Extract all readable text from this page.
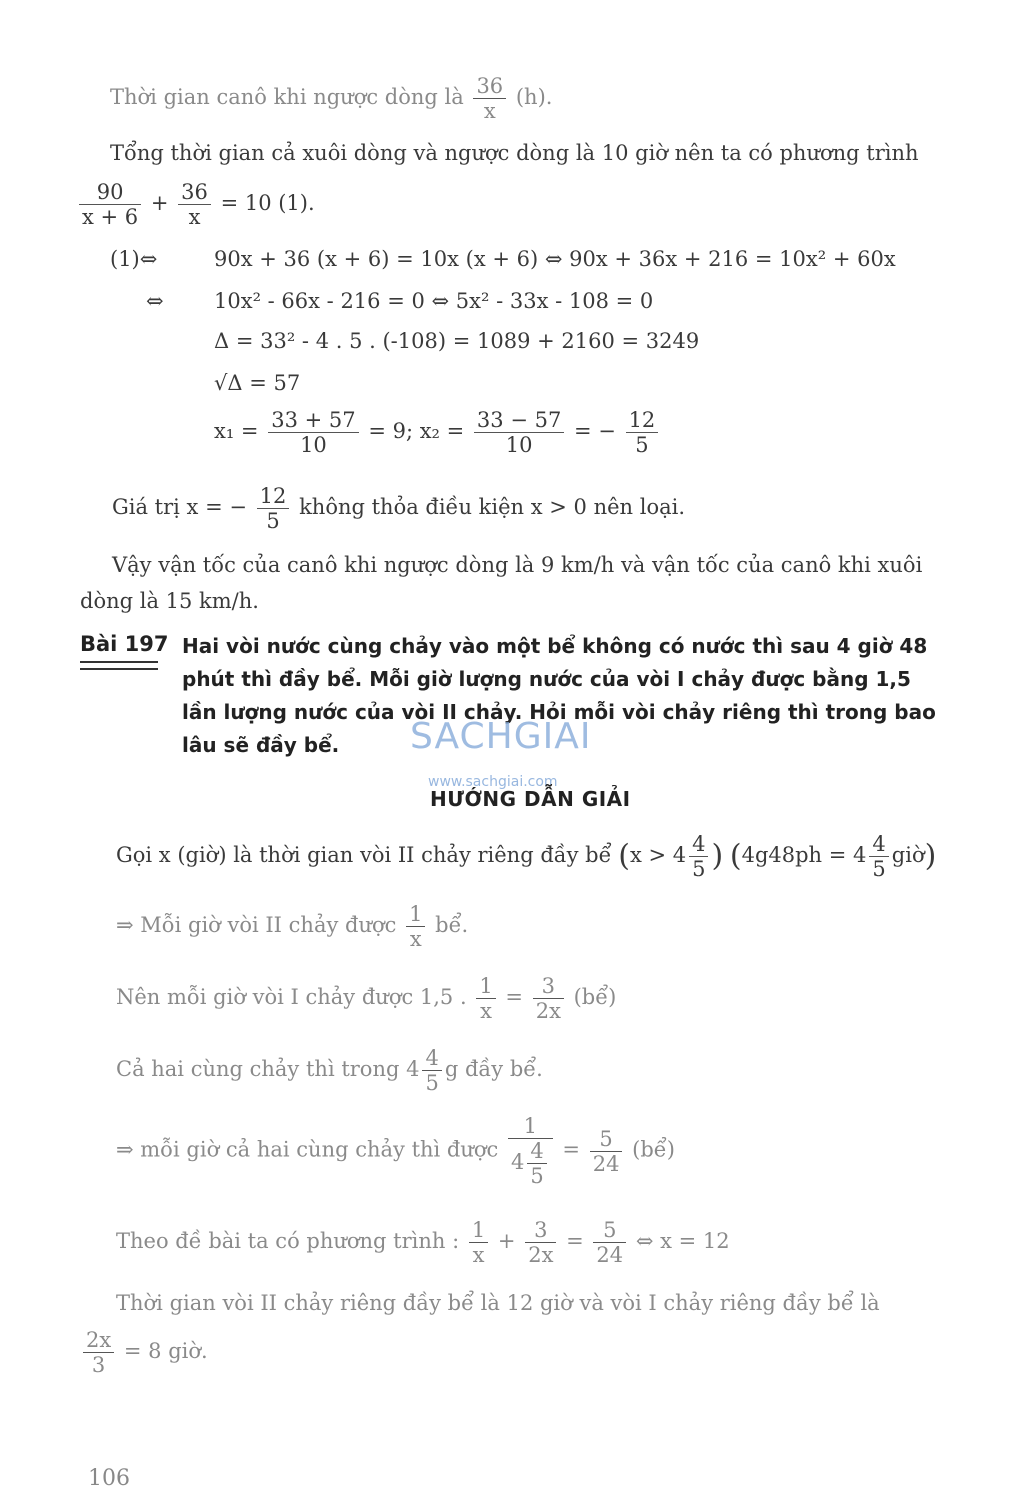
Thời gian canô khi ngược dòng là $\frac{36}{x} (h)$.
Tổng thời gian cả xuôi dòng và ngược dòng là 10 giờ nên ta có phương trình
$\frac{90}{x + 6} + \frac{36}{x} = 10$ (1).
(1)⇔	90x + 36 (x + 6) = 10x (x + 6) ⇔ 90x + 36x + 216 = 10x² + 60x
⇔ 10x² - 66x - 216 = 0 ⇔ 5x² - 33x - 108 = 0
Δ = 33² - 4 . 5 . (-108) = 1089 + 2160 = 3249
√Δ = 57
$x_1 = \frac{33 + 57}{10} = 9$; $x_2 = \frac{33 - 57}{10}$ = − $\frac{12}{5}$
Giá trị x = − $\frac{12}{5}$ không thỏa điều kiện x > 0 nên loại.
Vậy vận tốc của canô khi ngược dòng là 9 km/h và vận tốc của canô khi xuôi
dòng là 15 km/h.
Bài 197 Hai vòi nước cùng chảy vào một bể không có nước thì sau 4 giờ 48
phút thì đầy bể. Mỗi giờ lượng nước của vòi I chảy được bằng 1,5
lần lượng nước của vòi II chảy. Hỏi mỗi vòi chảy riêng thì trong bao
lâu sẽ đầy bể. SACHGIAI
www.sachgiai.com
HƯỚNG DẪN GIẢI
Gọi x (giờ) là thời gian vòi II chảy riêng đầy bể ($x > 4 \frac{4}{5}$ ) ($4g48ph = 4 \frac{4}{5}$ giờ)
⇒ Mỗi giờ vòi II chảy được $\frac{1}{x}$ bể.
Nên mỗi giờ vòi I chảy được 1,5 . $\frac{1}{x} = \frac{3}{2x}$ (bể)
Cả hai cùng chảy thì trong $4 \frac{4}{5}$ g đầy bể.
⇒ mỗi giờ cả hai cùng chảy thì được $\frac{1}{4 \frac{4}{5}} = \frac{5}{24}$ (bể)
Theo đề bài ta có phương trình : $\frac{1}{x} + \frac{3}{2x} = \frac{5}{24}$ ⇔ x = 12
Thời gian vòi II chảy riêng đầy bể là 12 giờ và vòi I chảy riêng đầy bể là
$\frac{2x}{3} = 8$ giờ.
106
